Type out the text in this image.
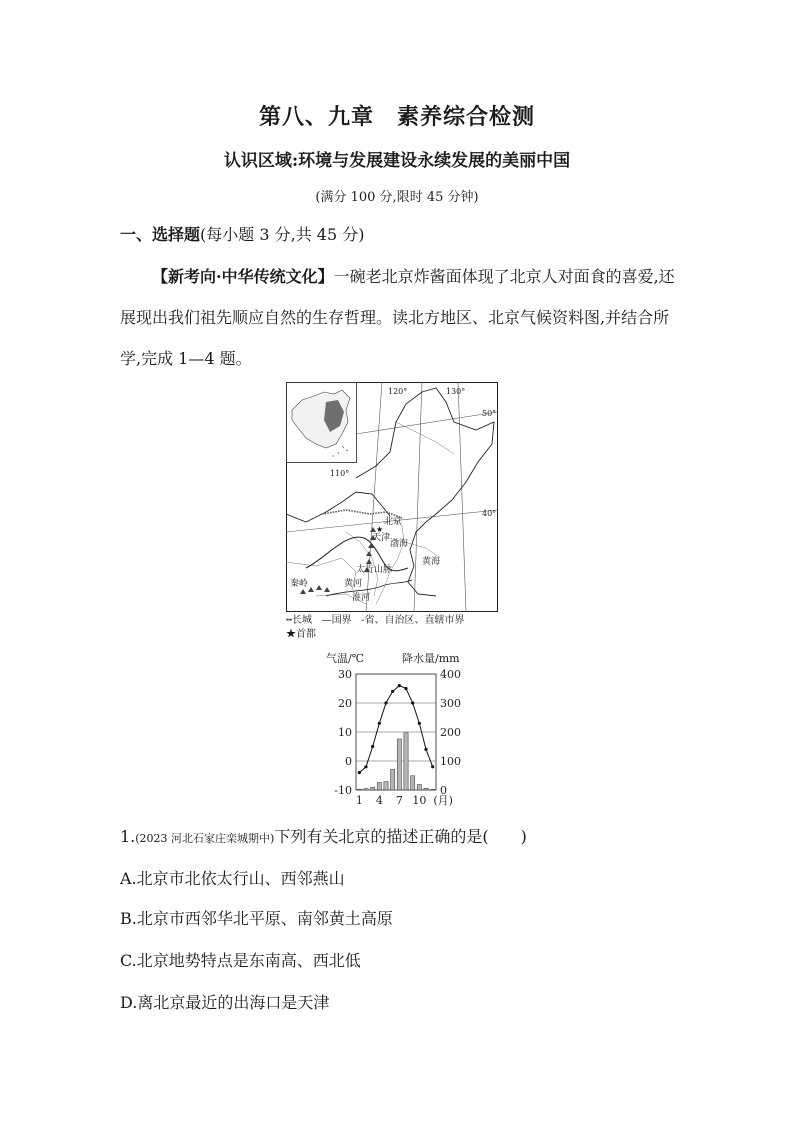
第八、九章　素养综合检测
认识区域:环境与发展建设永续发展的美丽中国
(满分 100 分,限时 45 分钟)
一、选择题(每小题 3 分,共 45 分)
【新考向·中华传统文化】一碗老北京炸酱面体现了北京人对面食的喜爱,还展现出我们祖先顺应自然的生存哲理。读北方地区、北京气候资料图,并结合所学,完成 1—4 题。
★
120°	130°
110°
50°
40°
北京
天津
太行山脉
黄河
渤海
黄海
秦岭
淮河
┅长城 —国界 -省、自治区、直辖市界
★首都
气温/℃	降水量/mm
30
20
10
0
-10
400
300
200
100
0
1 4 7 10 (月)
1.(2023 河北石家庄栾城期中)下列有关北京的描述正确的是(　　)
A.北京市北依太行山、西邻燕山
B.北京市西邻华北平原、南邻黄土高原
C.北京地势特点是东南高、西北低
D.离北京最近的出海口是天津
